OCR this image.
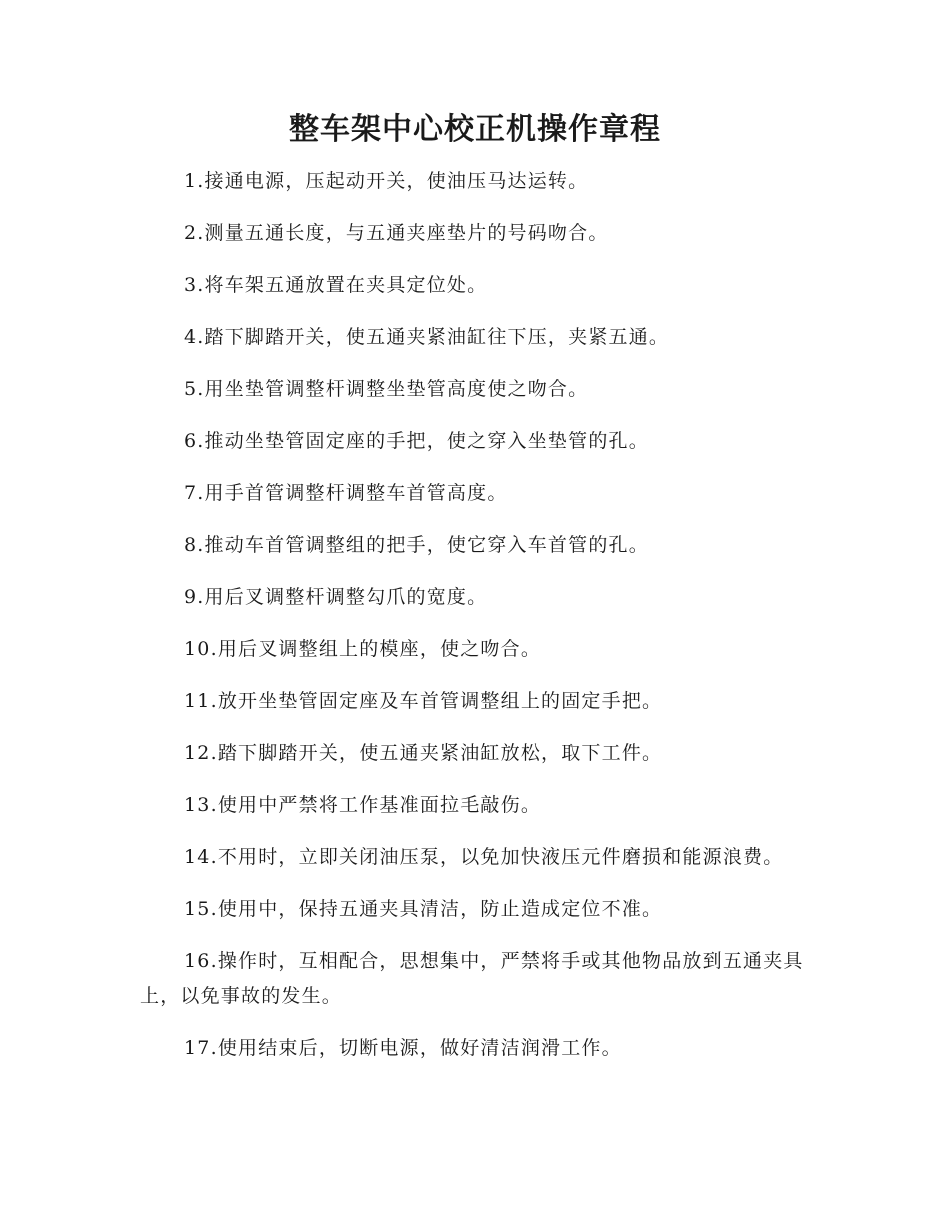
整车架中心校正机操作章程

1.接通电源，压起动开关，使油压马达运转。

2.测量五通长度，与五通夹座垫片的号码吻合。

3.将车架五通放置在夹具定位处。

4.踏下脚踏开关，使五通夹紧油缸往下压，夹紧五通。

5.用坐垫管调整杆调整坐垫管高度使之吻合。

6.推动坐垫管固定座的手把，使之穿入坐垫管的孔。

7.用手首管调整杆调整车首管高度。

8.推动车首管调整组的把手，使它穿入车首管的孔。

9.用后叉调整杆调整勾爪的宽度。

10.用后叉调整组上的模座，使之吻合。

11.放开坐垫管固定座及车首管调整组上的固定手把。

12.踏下脚踏开关，使五通夹紧油缸放松，取下工件。

13.使用中严禁将工作基准面拉毛敲伤。

14.不用时，立即关闭油压泵，以免加快液压元件磨损和能源浪费。

15.使用中，保持五通夹具清洁，防止造成定位不准。

16.操作时，互相配合，思想集中，严禁将手或其他物品放到五通夹具上，以免事故的发生。

17.使用结束后，切断电源，做好清洁润滑工作。
